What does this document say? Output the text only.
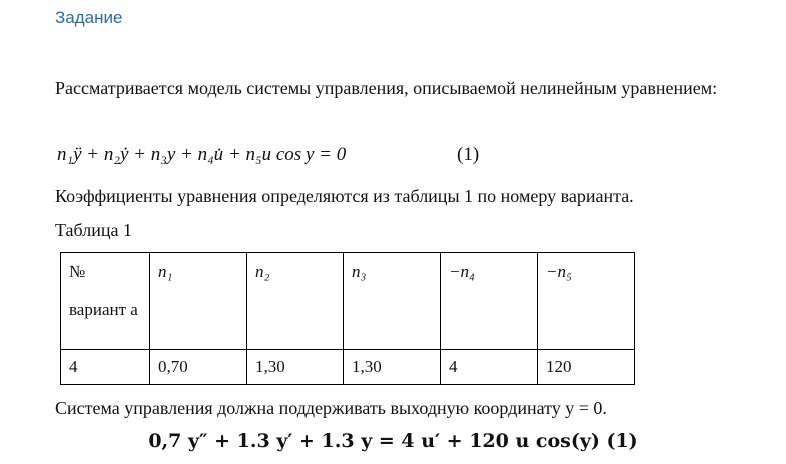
Задание

Рассматривается модель системы управления, описываемой нелинейным уравнением:

n₁ÿ + n₂ẏ + n₃y + n₄u̇ + n₅u cos y = 0	(1)

Коэффициенты уравнения определяются из таблицы 1 по номеру варианта.

Таблица 1

№ вариант а	n₁	n₂	n₃	−n₄	−n₅
4	0,70	1,30	1,30	4	120

Система управления должна поддерживать выходную координату y = 0.

0,7 y″ + 1.3 y′ + 1.3 y = 4 u′ + 120 u cos(y) (1)
